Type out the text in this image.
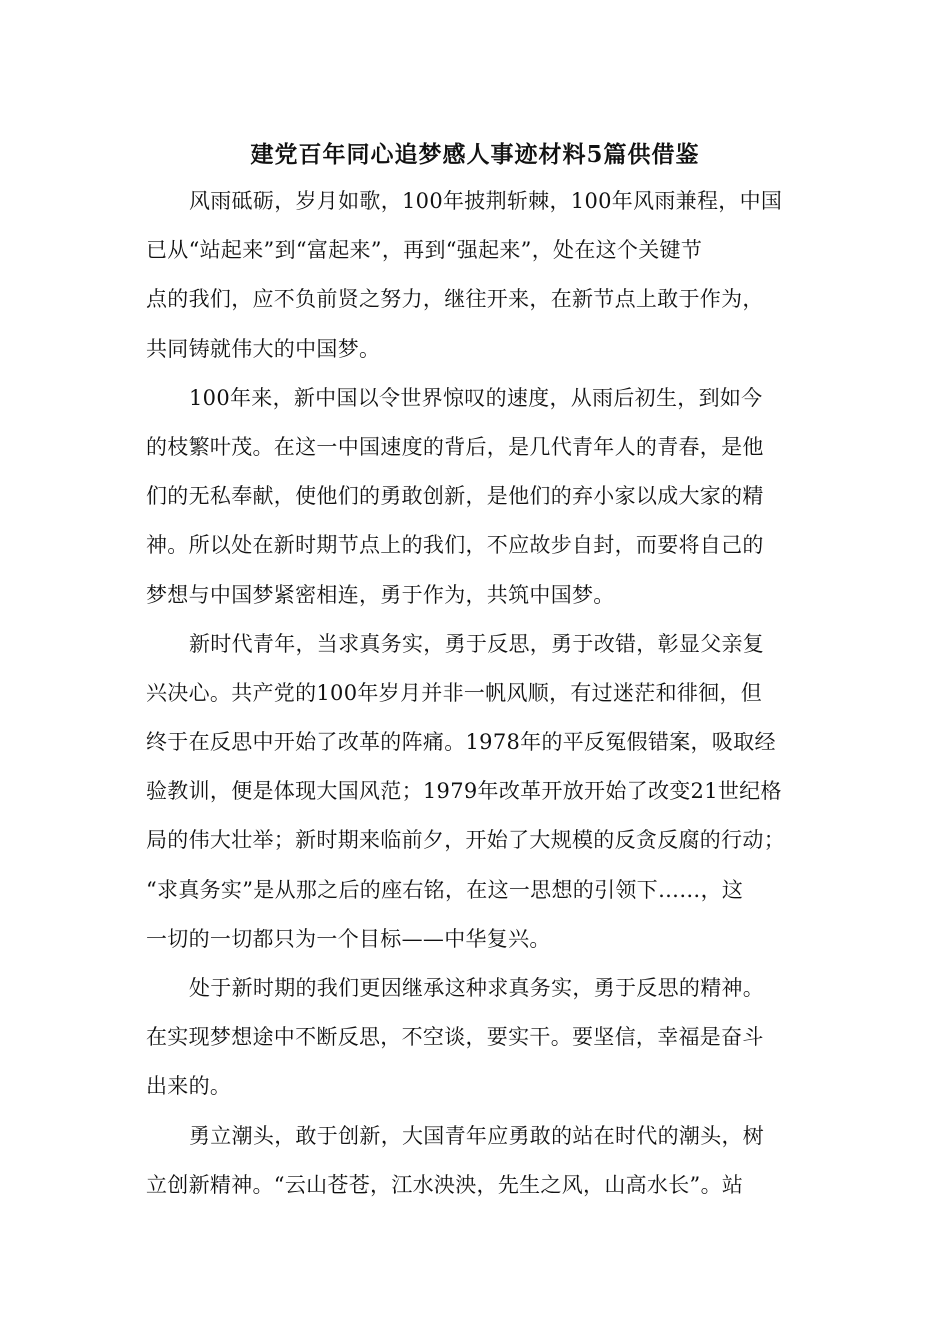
建党百年同心追梦感人事迹材料5篇供借鉴
风雨砥砺，岁月如歌，100年披荆斩棘，100年风雨兼程，中国
已从“站起来”到“富起来”，再到“强起来”，处在这个关键节
点的我们，应不负前贤之努力，继往开来，在新节点上敢于作为，
共同铸就伟大的中国梦。
100年来，新中国以令世界惊叹的速度，从雨后初生，到如今
的枝繁叶茂。在这一中国速度的背后，是几代青年人的青春，是他
们的无私奉献，使他们的勇敢创新，是他们的弃小家以成大家的精
神。所以处在新时期节点上的我们，不应故步自封，而要将自己的
梦想与中国梦紧密相连，勇于作为，共筑中国梦。
新时代青年，当求真务实，勇于反思，勇于改错，彰显父亲复
兴决心。共产党的100年岁月并非一帆风顺，有过迷茫和徘徊，但
终于在反思中开始了改革的阵痛。1978年的平反冤假错案，吸取经
验教训，便是体现大国风范；1979年改革开放开始了改变21世纪格
局的伟大壮举；新时期来临前夕，开始了大规模的反贪反腐的行动；
“求真务实”是从那之后的座右铭，在这一思想的引领下……，这
一切的一切都只为一个目标——中华复兴。
处于新时期的我们更因继承这种求真务实，勇于反思的精神。
在实现梦想途中不断反思，不空谈，要实干。要坚信，幸福是奋斗
出来的。
勇立潮头，敢于创新，大国青年应勇敢的站在时代的潮头，树
立创新精神。“云山苍苍，江水泱泱，先生之风，山高水长”。站
